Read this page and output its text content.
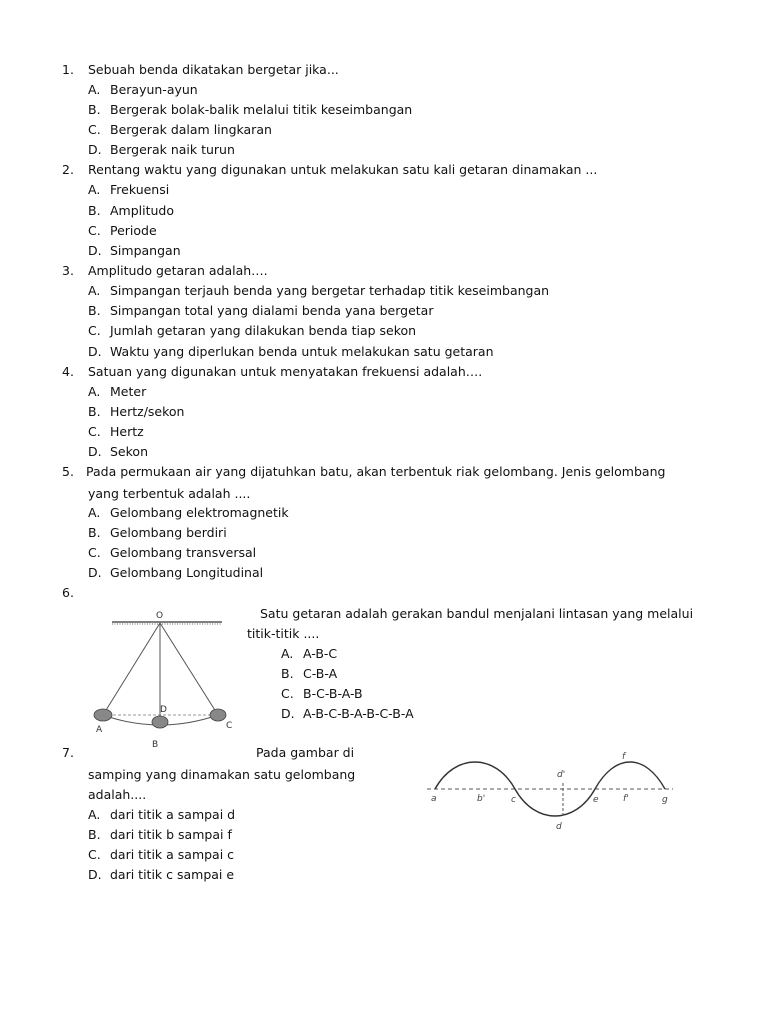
1. Sebuah benda dikatakan bergetar jika...
A. Berayun-ayun
B. Bergerak bolak-balik melalui titik keseimbangan
C. Bergerak dalam lingkaran
D. Bergerak naik turun
2. Rentang waktu yang digunakan untuk melakukan satu kali getaran dinamakan ...
A. Frekuensi
B. Amplitudo
C. Periode
D. Simpangan
3. Amplitudo getaran adalah….
A. Simpangan terjauh benda yang bergetar terhadap titik keseimbangan
B. Simpangan total yang dialami benda yana bergetar
C. Jumlah getaran yang dilakukan benda tiap sekon
D. Waktu yang diperlukan benda untuk melakukan satu getaran
4. Satuan yang digunakan untuk menyatakan frekuensi adalah….
A. Meter
B. Hertz/sekon
C. Hertz
D. Sekon
5. Pada permukaan air yang dijatuhkan batu, akan terbentuk riak gelombang. Jenis gelombang
yang terbentuk adalah ....
A. Gelombang elektromagnetik
B. Gelombang berdiri
C. Gelombang transversal
D. Gelombang Longitudinal
6.
O
A
B
C
D
Satu getaran adalah gerakan bandul menjalani lintasan yang melalui
titik-titik ....
A. A-B-C
B. C-B-A
C. B-C-B-A-B
D. A-B-C-B-A-B-C-B-A
7.	Pada gambar di
samping yang dinamakan satu gelombang
adalah....
A. dari titik a sampai d
B. dari titik b sampai f
C. dari titik a sampai c
D. dari titik c sampai e
a	b'	c
d'
d
e
f
f'	g
